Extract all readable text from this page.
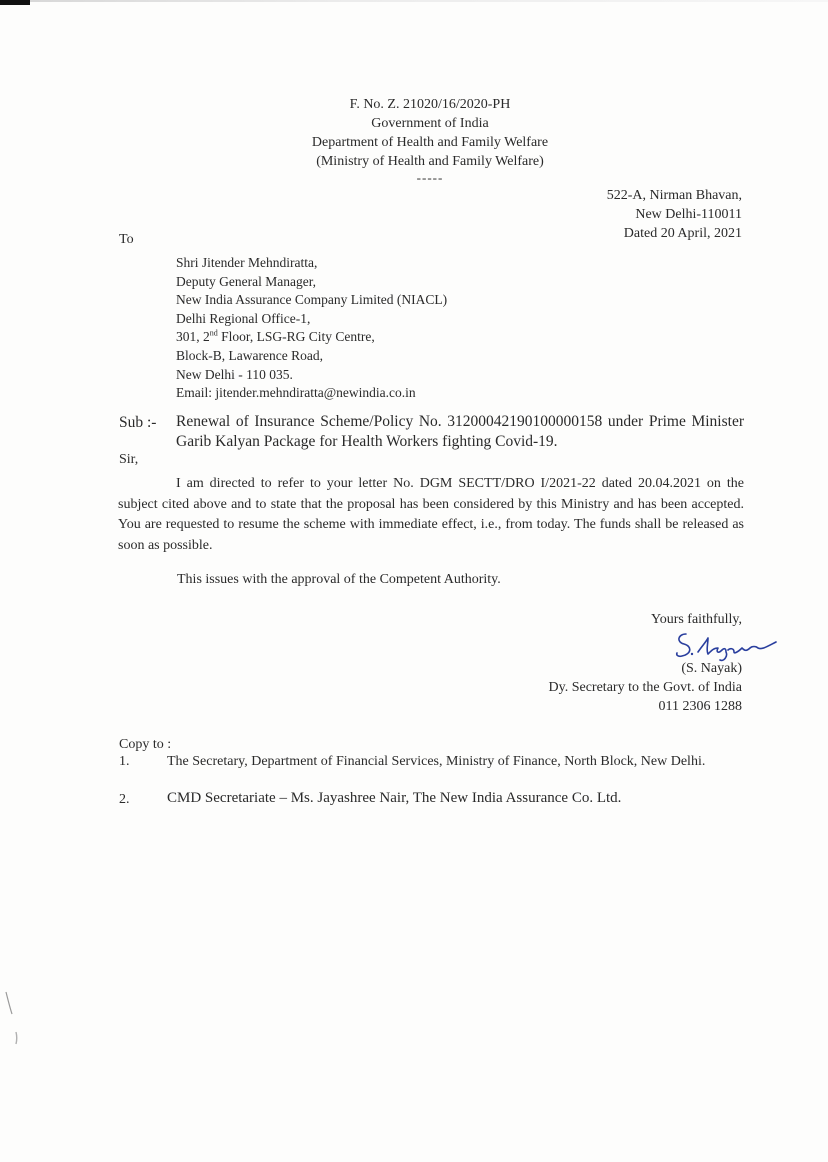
F. No. Z. 21020/16/2020-PH
Government of India
Department of Health and Family Welfare
(Ministry of Health and Family Welfare)
-----
522-A, Nirman Bhavan,
New Delhi-110011
Dated 20 April, 2021
To
Shri Jitender Mehndiratta,
Deputy General Manager,
New India Assurance Company Limited (NIACL)
Delhi Regional Office-1,
301, 2nd Floor, LSG-RG City Centre,
Block-B, Lawarence Road,
New Delhi - 110 035.
Email: jitender.mehndiratta@newindia.co.in
Sub :- Renewal of Insurance Scheme/Policy No. 31200042190100000158 under Prime Minister Garib Kalyan Package for Health Workers fighting Covid-19.
Sir,
I am directed to refer to your letter No. DGM SECTT/DRO I/2021-22 dated 20.04.2021 on the subject cited above and to state that the proposal has been considered by this Ministry and has been accepted. You are requested to resume the scheme with immediate effect, i.e., from today. The funds shall be released as soon as possible.
This issues with the approval of the Competent Authority.
Yours faithfully,
(S. Nayak)
Dy. Secretary to the Govt. of India
011 2306 1288
Copy to :
1.	The Secretary, Department of Financial Services, Ministry of Finance, North Block, New Delhi.
2.	CMD Secretariate – Ms. Jayashree Nair, The New India Assurance Co. Ltd.
